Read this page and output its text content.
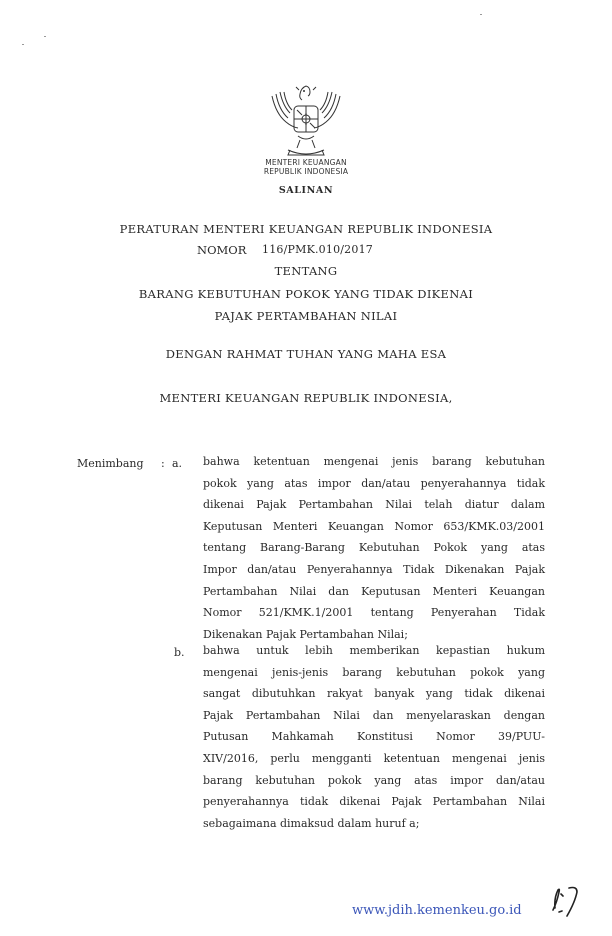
MENTERI KEUANGAN
REPUBLIK INDONESIA
SALINAN
PERATURAN MENTERI KEUANGAN REPUBLIK INDONESIA
NOMOR 116/PMK.010/2017
TENTANG
BARANG KEBUTUHAN POKOK YANG TIDAK DIKENAI
PAJAK PERTAMBAHAN NILAI
DENGAN RAHMAT TUHAN YANG MAHA ESA
MENTERI KEUANGAN REPUBLIK INDONESIA,
Menimbang : a. bahwa ketentuan mengenai jenis barang kebutuhan
pokok yang atas impor dan/atau penyerahannya tidak
dikenai Pajak Pertambahan Nilai telah diatur dalam
Keputusan Menteri Keuangan Nomor 653/KMK.03/2001
tentang Barang-Barang Kebutuhan Pokok yang atas
Impor dan/atau Penyerahannya Tidak Dikenakan Pajak
Pertambahan Nilai dan Keputusan Menteri Keuangan
Nomor 521/KMK.1/2001 tentang Penyerahan Tidak
Dikenakan Pajak Pertambahan Nilai;

b. bahwa untuk lebih memberikan kepastian hukum
mengenai jenis-jenis barang kebutuhan pokok yang
sangat dibutuhkan rakyat banyak yang tidak dikenai
Pajak Pertambahan Nilai dan menyelaraskan dengan
Putusan Mahkamah Konstitusi Nomor 39/PUU-
XIV/2016, perlu mengganti ketentuan mengenai jenis
barang kebutuhan pokok yang atas impor dan/atau
penyerahannya tidak dikenai Pajak Pertambahan Nilai
sebagaimana dimaksud dalam huruf a;

www.jdih.kemenkeu.go.id
